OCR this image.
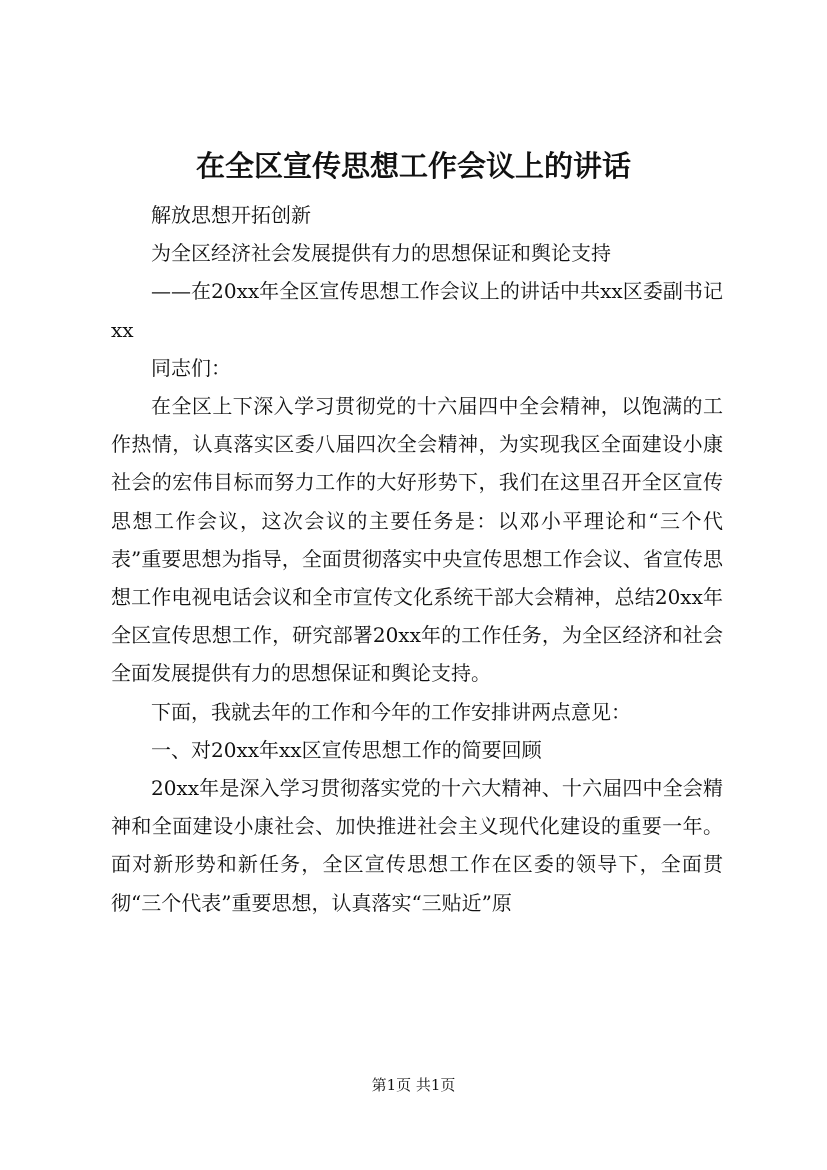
在全区宣传思想工作会议上的讲话

解放思想开拓创新

为全区经济社会发展提供有力的思想保证和舆论支持

——在20xx年全区宣传思想工作会议上的讲话中共xx区委副书记xx

同志们：

在全区上下深入学习贯彻党的十六届四中全会精神，以饱满的工作热情，认真落实区委八届四次全会精神，为实现我区全面建设小康社会的宏伟目标而努力工作的大好形势下，我们在这里召开全区宣传思想工作会议，这次会议的主要任务是：以邓小平理论和“三个代表”重要思想为指导，全面贯彻落实中央宣传思想工作会议、省宣传思想工作电视电话会议和全市宣传文化系统干部大会精神，总结20xx年全区宣传思想工作，研究部署20xx年的工作任务，为全区经济和社会全面发展提供有力的思想保证和舆论支持。

下面，我就去年的工作和今年的工作安排讲两点意见：

一、对20xx年xx区宣传思想工作的简要回顾

20xx年是深入学习贯彻落实党的十六大精神、十六届四中全会精神和全面建设小康社会、加快推进社会主义现代化建设的重要一年。面对新形势和新任务，全区宣传思想工作在区委的领导下，全面贯彻“三个代表”重要思想，认真落实“三贴近”原

第1页 共1页
